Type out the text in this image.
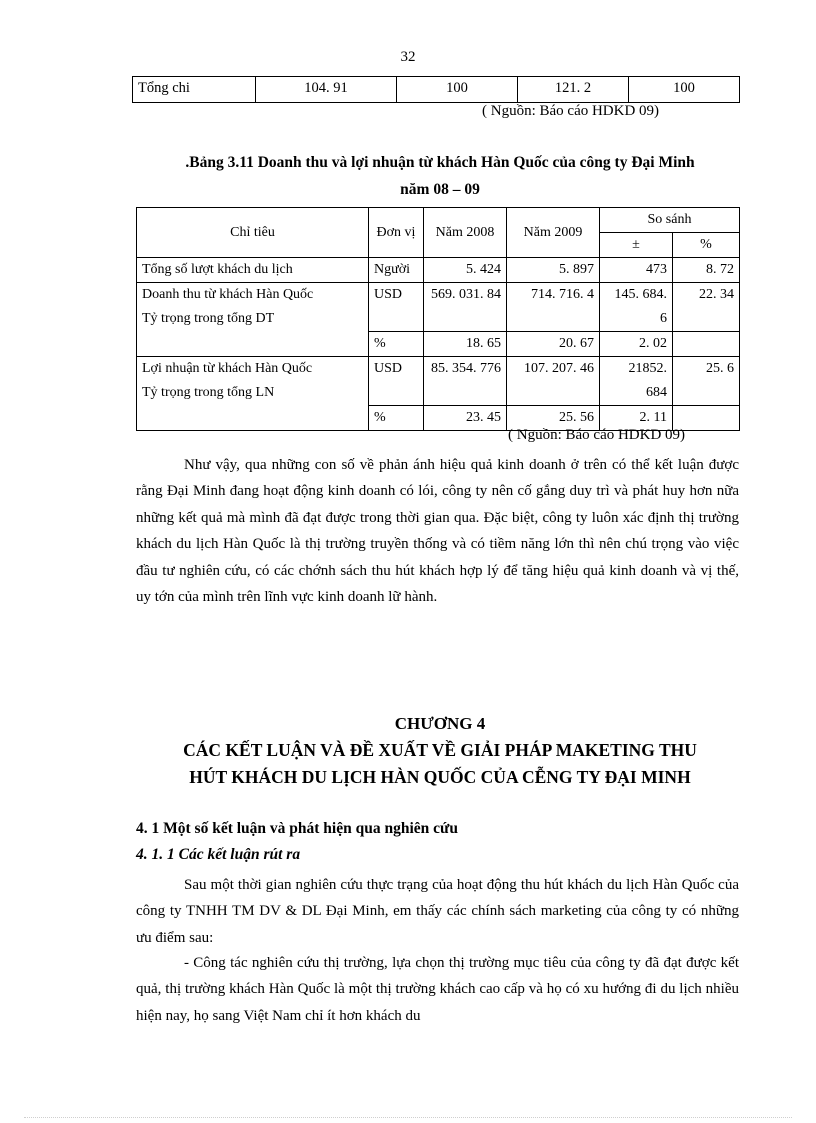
32
Tổng chi	104. 91	100	121. 2	100
( Nguồn: Báo cáo HDKD 09)
.Bảng 3.11 Doanh thu và lợi nhuận từ khách Hàn Quốc của công ty Đại Minh
năm 08 – 09
Chỉ tiêu	Đơn vị	Năm 2008	Năm 2009	So sánh	
				±	%
Tổng số lượt khách du lịch	Người	5. 424	5. 897	473	8. 72

Doanh thu từ khách Hàn Quốc
Tỷ trọng trong tổng DT	USD	569. 031. 84	714. 716. 4	145. 684. 6	22. 34
	%	18. 65	20. 67	2. 02	

Lợi nhuận từ khách Hàn Quốc
Tỷ trọng trong tổng LN	USD	85. 354. 776	107. 207. 46	21852. 684	25. 6
	%	23. 45	25. 56	2. 11	
( Nguồn: Báo cáo HDKD 09)
Như vậy, qua những con số về phản ánh hiệu quả kinh doanh ở trên có thể kết luận được rằng Đại Minh đang hoạt động kinh doanh có lói, công ty nên cố gắng duy trì và phát huy hơn nữa những kết quả mà mình đã đạt được trong thời gian qua. Đặc biệt, công ty luôn xác định thị trường khách du lịch Hàn Quốc là thị trường truyền thống và có tiềm năng lớn thì nên chú trọng vào việc đầu tư nghiên cứu, có các chớnh sách thu hút khách hợp lý để tăng hiệu quả kinh doanh và vị thế, uy tớn của mình trên lĩnh vực kinh doanh lữ hành.
CHƯƠNG 4
CÁC KẾT LUẬN VÀ ĐỀ XUẤT VỀ GIẢI PHÁP MAKETING THU
HÚT KHÁCH DU LỊCH HÀN QUỐC CỦA CỄNG TY ĐẠI MINH
4. 1 Một số kết luận và phát hiện qua nghiên cứu
4. 1. 1 Các kết luận rút ra
Sau một thời gian nghiên cứu thực trạng của hoạt động thu hút khách du lịch Hàn Quốc của công ty TNHH TM DV & DL Đại Minh, em thấy các chính sách marketing của công ty có những ưu điểm sau:
- Công tác nghiên cứu thị trường, lựa chọn thị trường mục tiêu của công ty đã đạt được kết quả, thị trường khách Hàn Quốc là một thị trường khách cao cấp và họ có xu hướng đi du lịch nhiều hiện nay, họ sang Việt Nam chỉ ít hơn khách du
